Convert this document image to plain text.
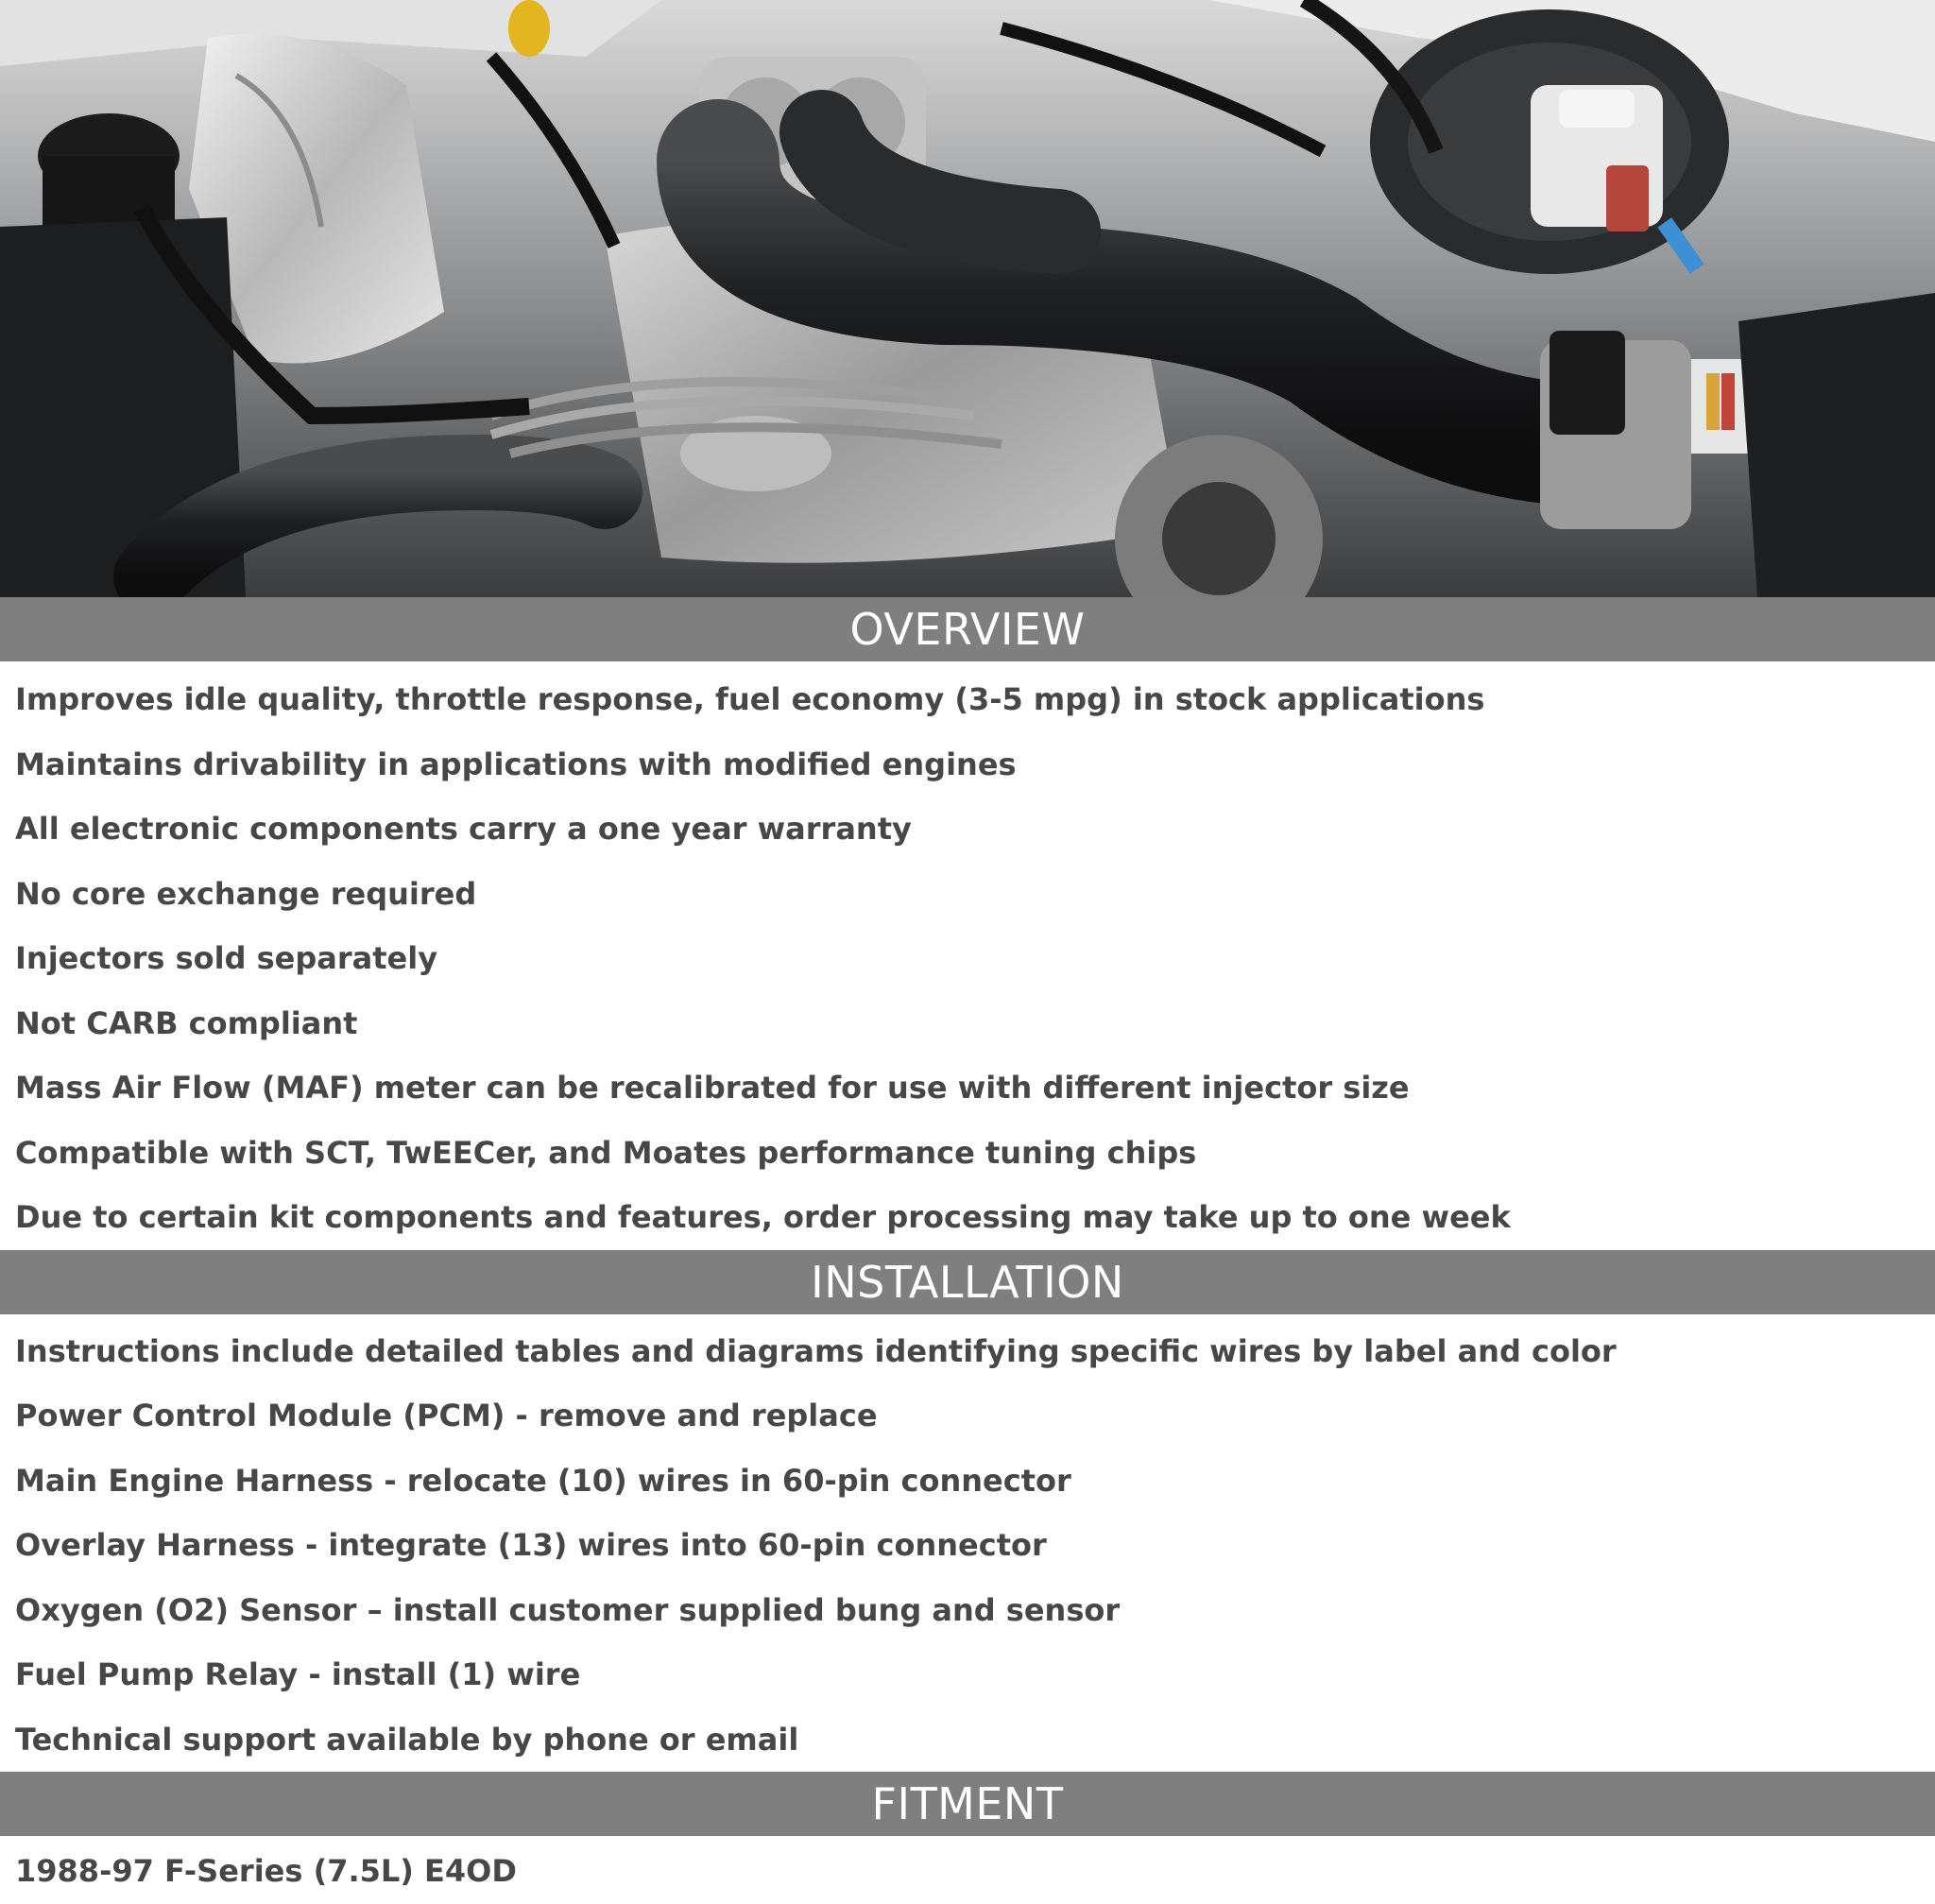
OVERVIEW
Improves idle quality, throttle response, fuel economy (3-5 mpg) in stock applications
Maintains drivability in applications with modified engines
All electronic components carry a one year warranty
No core exchange required
Injectors sold separately
Not CARB compliant
Mass Air Flow (MAF) meter can be recalibrated for use with different injector size
Compatible with SCT, TwEECer, and Moates performance tuning chips
Due to certain kit components and features, order processing may take up to one week
INSTALLATION
Instructions include detailed tables and diagrams identifying specific wires by label and color
Power Control Module (PCM) - remove and replace
Main Engine Harness - relocate (10) wires in 60-pin connector
Overlay Harness - integrate (13) wires into 60-pin connector
Oxygen (O2) Sensor – install customer supplied bung and sensor
Fuel Pump Relay - install (1) wire
Technical support available by phone or email
FITMENT
1988-97 F-Series (7.5L) E4OD
